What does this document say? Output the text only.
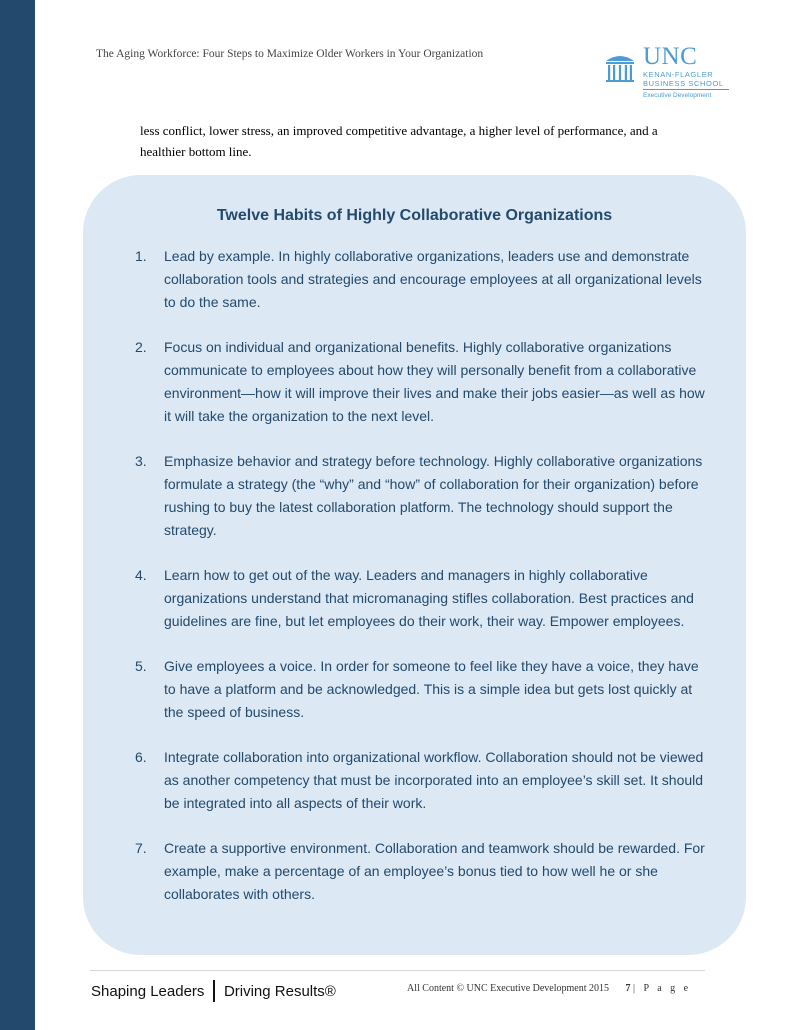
The Aging Workforce: Four Steps to Maximize Older Workers in Your Organization	UNC
KENAN-FLAGLER
BUSINESS SCHOOL
Executive Development
less conflict, lower stress, an improved competitive advantage, a higher level of performance, and a healthier bottom line.
Twelve Habits of Highly Collaborative Organizations
1. Lead by example. In highly collaborative organizations, leaders use and demonstrate collaboration tools and strategies and encourage employees at all organizational levels to do the same.
2. Focus on individual and organizational benefits. Highly collaborative organizations communicate to employees about how they will personally benefit from a collaborative environment—how it will improve their lives and make their jobs easier—as well as how it will take the organization to the next level.
3. Emphasize behavior and strategy before technology. Highly collaborative organizations formulate a strategy (the “why” and “how” of collaboration for their organization) before rushing to buy the latest collaboration platform. The technology should support the strategy.
4. Learn how to get out of the way. Leaders and managers in highly collaborative organizations understand that micromanaging stifles collaboration. Best practices and guidelines are fine, but let employees do their work, their way. Empower employees.
5. Give employees a voice. In order for someone to feel like they have a voice, they have to have a platform and be acknowledged. This is a simple idea but gets lost quickly at the speed of business.
6. Integrate collaboration into organizational workflow. Collaboration should not be viewed as another competency that must be incorporated into an employee’s skill set. It should be integrated into all aspects of their work.
7. Create a supportive environment. Collaboration and teamwork should be rewarded. For example, make a percentage of an employee’s bonus tied to how well he or she collaborates with others.
Shaping Leaders Driving Results®	All Content © UNC Executive Development 2015 7 | P a g e
